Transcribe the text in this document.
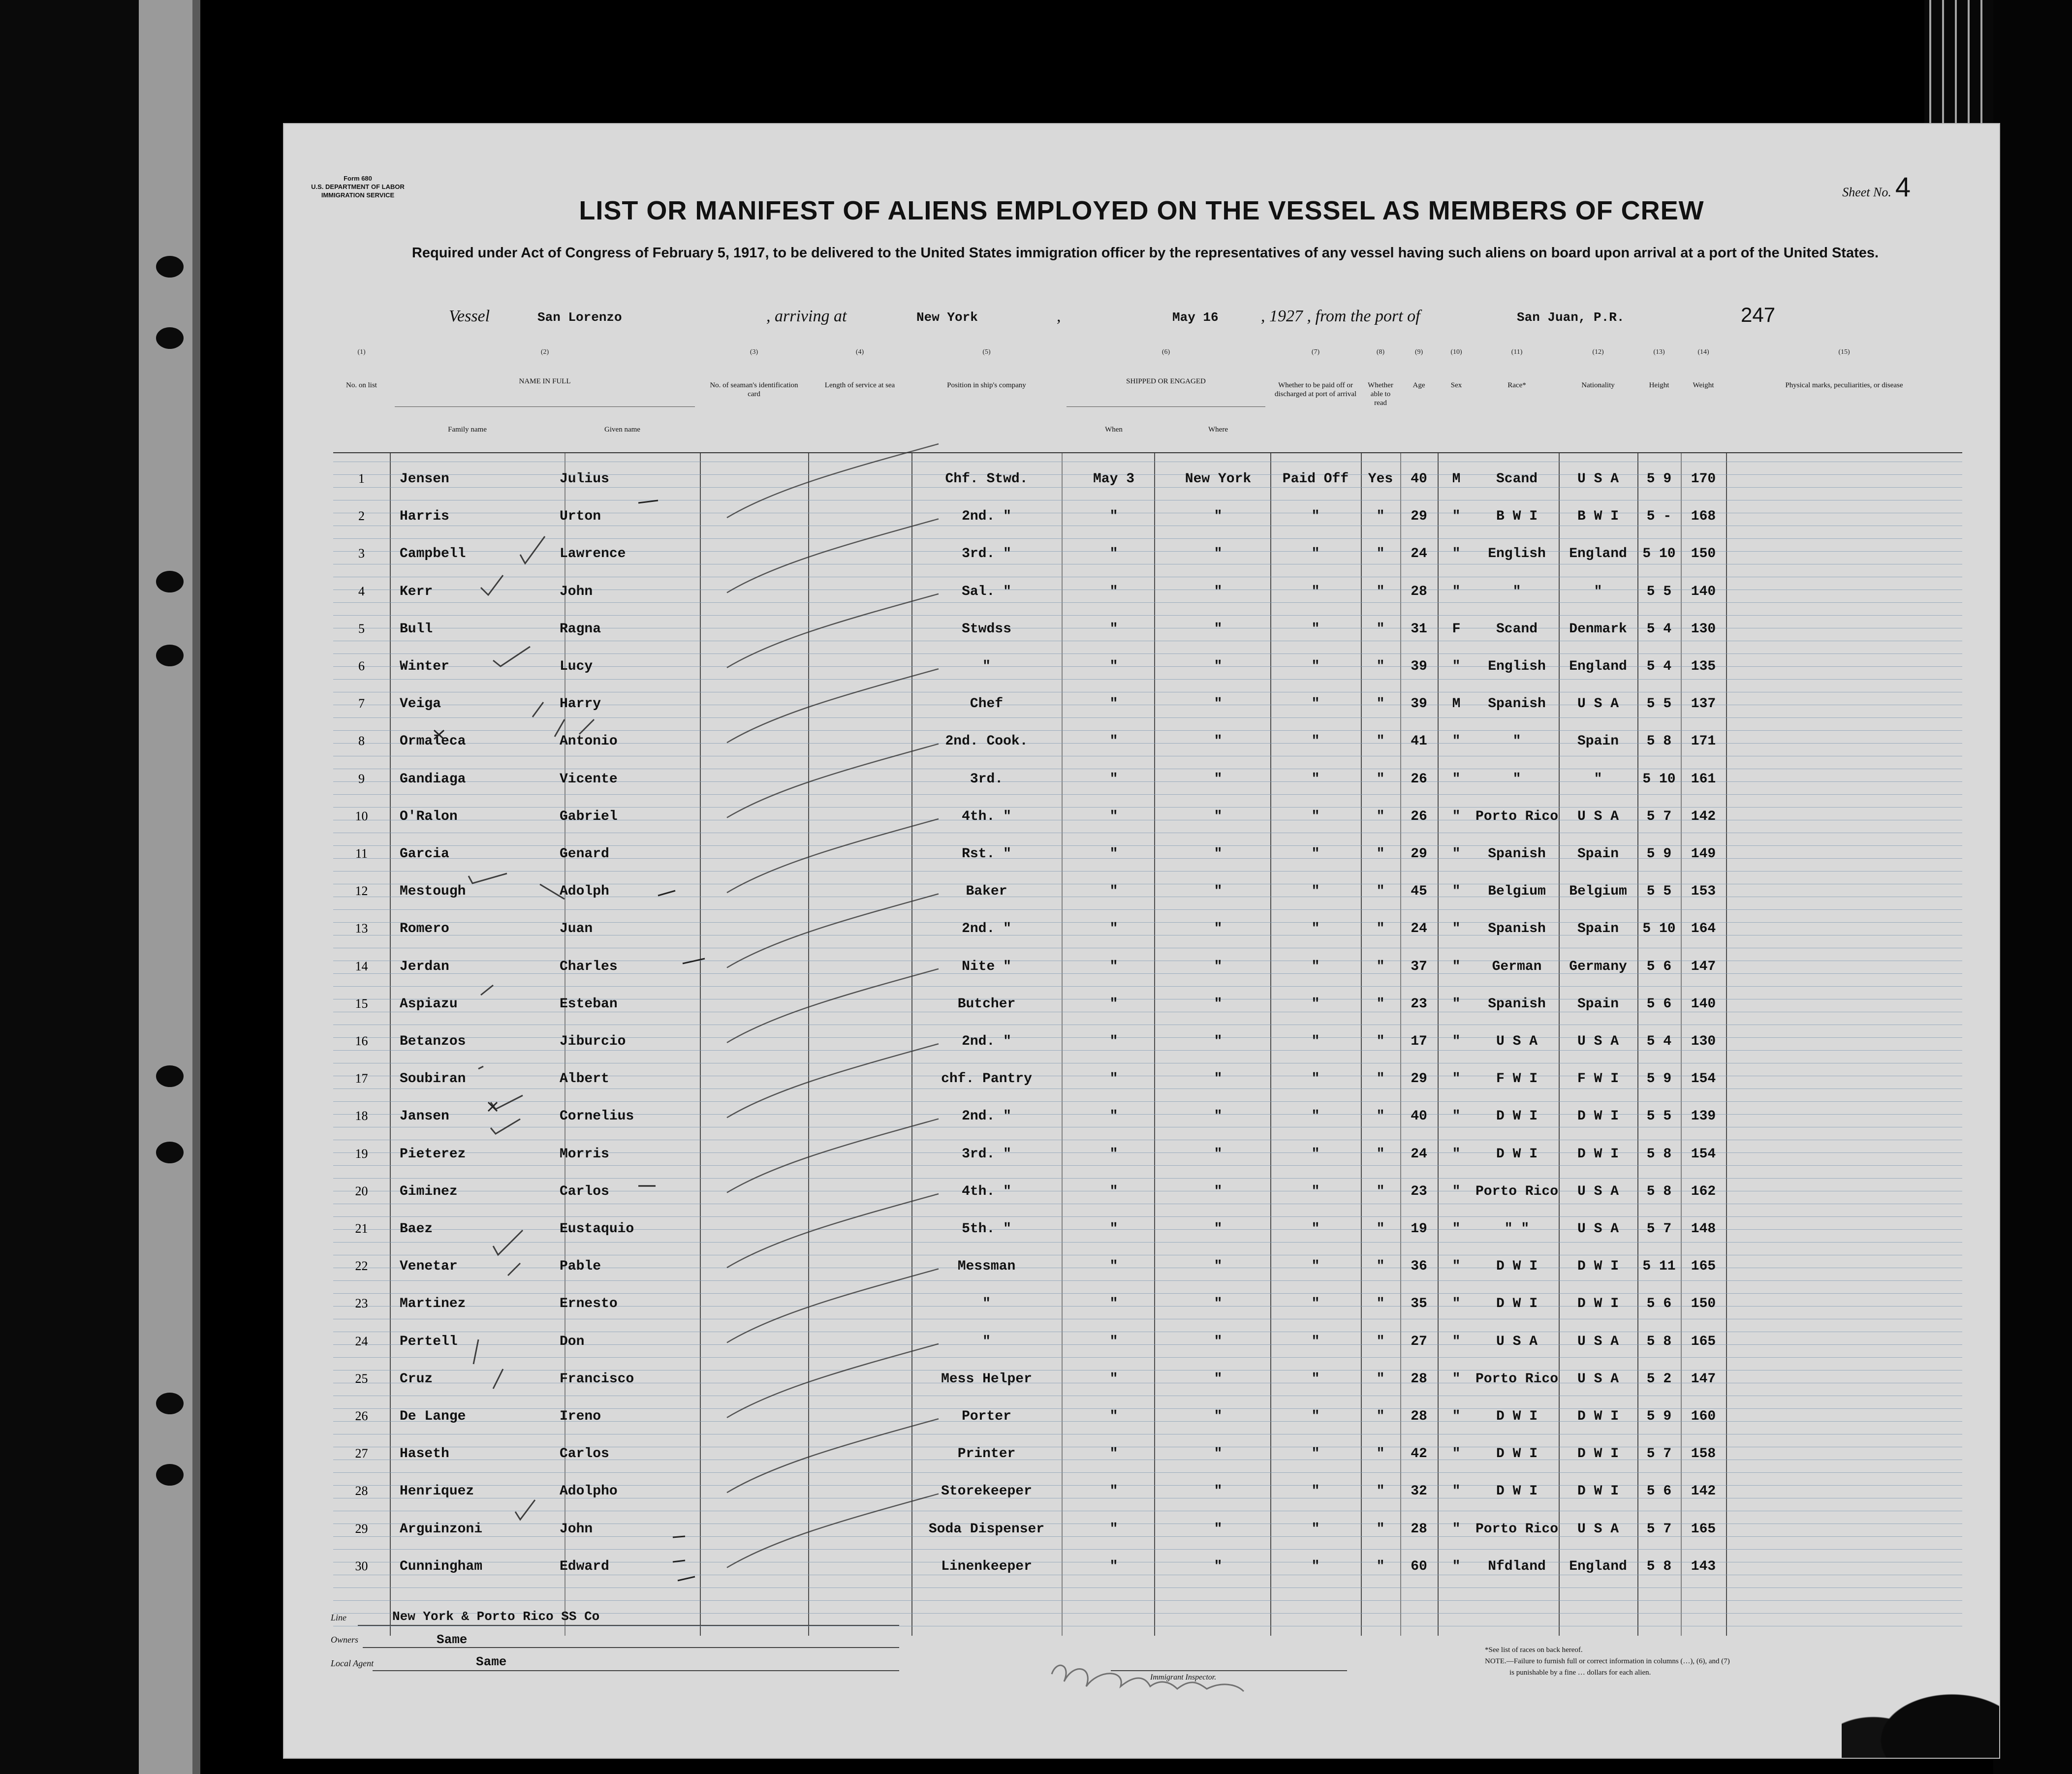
Form 680
U.S. DEPARTMENT OF LABOR
IMMIGRATION SERVICE	Sheet No. 4
LIST OR MANIFEST OF ALIENS EMPLOYED ON THE VESSEL AS MEMBERS OF CREW
Required under Act of Congress of February 5, 1917, to be delivered to the United States immigration officer by the representatives of any vessel having such aliens on board upon arrival at a port of the United States.
Vessel	San Lorenzo	, arriving at	New York	,	May 16	, 1927 , from the port of	San Juan, P.R.	247
(1)
No. on list
(2)
NAME IN FULL
Family name	Given name
(3)
No. of seaman's identification card
(4)
Length of service at sea
(5)
Position in ship's company
(6)
SHIPPED OR ENGAGED
When	Where
(7)
Whether to be paid off or discharged at port of arrival
(8)
Whether able to read
(9)
Age
(10)
Sex
(11)
Race*
(12)
Nationality
(13)
Height
(14)
Weight
(15)
Physical marks, peculiarities, or disease
1	Jensen	Julius	Chf. Stwd.	May 3	New York	Paid Off	Yes	40	M	Scand	U S A	5 9	170
2	Harris	Urton	2nd. "	"	"	"	"	29	"	B W I	B W I	5 -	168
3	Campbell	Lawrence	3rd. "	"	"	"	"	24	"	English	England	5 10	150
4	Kerr	John	Sal. "	"	"	"	"	28	"	"	"	5 5	140
5	Bull	Ragna	Stwdss	"	"	"	"	31	F	Scand	Denmark	5 4	130
6	Winter	Lucy	"	"	"	"	"	39	"	English	England	5 4	135
7	Veiga	Harry	Chef	"	"	"	"	39	M	Spanish	U S A	5 5	137
8	Ormaleca	Antonio	2nd. Cook.	"	"	"	"	41	"	"	Spain	5 8	171
9	Gandiaga	Vicente	3rd.	"	"	"	"	26	"	"	"	5 10	161
10	O'Ralon	Gabriel	4th. "	"	"	"	"	26	"	Porto Rico	U S A	5 7	142
11	Garcia	Genard	Rst. "	"	"	"	"	29	"	Spanish	Spain	5 9	149
12	Mestough	Adolph	Baker	"	"	"	"	45	"	Belgium	Belgium	5 5	153
13	Romero	Juan	2nd. "	"	"	"	"	24	"	Spanish	Spain	5 10	164
14	Jerdan	Charles	Nite "	"	"	"	"	37	"	German	Germany	5 6	147
15	Aspiazu	Esteban	Butcher	"	"	"	"	23	"	Spanish	Spain	5 6	140
16	Betanzos	Jiburcio	2nd. "	"	"	"	"	17	"	U S A	U S A	5 4	130
17	Soubiran	Albert	chf. Pantry	"	"	"	"	29	"	F W I	F W I	5 9	154
18	Jansen	Cornelius	2nd. "	"	"	"	"	40	"	D W I	D W I	5 5	139
19	Pieterez	Morris	3rd. "	"	"	"	"	24	"	D W I	D W I	5 8	154
20	Giminez	Carlos	4th. "	"	"	"	"	23	"	Porto Rico	U S A	5 8	162
21	Baez	Eustaquio	5th. "	"	"	"	"	19	"	" "	U S A	5 7	148
22	Venetar	Pable	Messman	"	"	"	"	36	"	D W I	D W I	5 11	165
23	Martinez	Ernesto	"	"	"	"	"	35	"	D W I	D W I	5 6	150
24	Pertell	Don	"	"	"	"	"	27	"	U S A	U S A	5 8	165
25	Cruz	Francisco	Mess Helper	"	"	"	"	28	"	Porto Rico	U S A	5 2	147
26	De Lange	Ireno	Porter	"	"	"	"	28	"	D W I	D W I	5 9	160
27	Haseth	Carlos	Printer	"	"	"	"	42	"	D W I	D W I	5 7	158
28	Henriquez	Adolpho	Storekeeper	"	"	"	"	32	"	D W I	D W I	5 6	142
29	Arguinzoni	John	Soda Dispenser	"	"	"	"	28	"	Porto Rico	U S A	5 7	165
30	Cunningham	Edward	Linenkeeper	"	"	"	"	60	"	Nfdland	England	5 8	143
Line	New York & Porto Rico SS Co
Owners	Same
Local Agent	Same
Immigrant Inspector.
*See list of races on back hereof.
NOTE.—Failure to furnish full or correct information in columns (…), (6), and (7)
is punishable by a fine … dollars for each alien.
